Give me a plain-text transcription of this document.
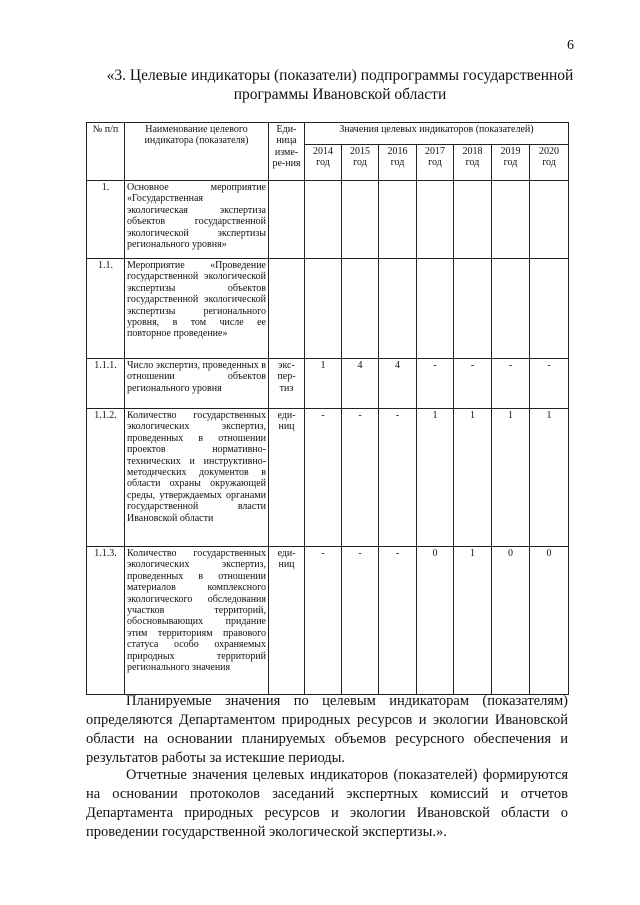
6
«3. Целевые индикаторы (показатели) подпрограммы государственной
программы Ивановской области
№ п/п	Наименование целевого индикатора (показателя)	Еди-ница изме-ре-ния	Значения целевых индикаторов (показателей)						
			2014 год	2015 год	2016 год	2017 год	2018 год	2019 год	2020 год
1.	Основное мероприятие «Государственная экологическая экспертиза объектов государственной экологической экспертизы регионального уровня»								
1.1.	Мероприятие «Проведение государственной экологической экспертизы объектов государственной экологической экспертизы регионального уровня, в том числе ее повторное проведение»								
1.1.1.	Число экспертиз, проведенных в отношении объектов регионального уровня	экс-пер-тиз	1	4	4	-	-	-	-
1.1.2.	Количество государственных экологических экспертиз, проведенных в отношении проектов нормативно-технических и инструктивно-методических документов в области охраны окружающей среды, утверждаемых органами государственной власти Ивановской области	еди-ниц	-	-	-	1	1	1	1
1.1.3.	Количество государственных экологических экспертиз, проведенных в отношении материалов комплексного экологического обследования участков территорий, обосновывающих придание этим территориям правового статуса особо охраняемых природных территорий регионального значения	еди-ниц	-	-	-	0	1	0	0
Планируемые значения по целевым индикаторам (показателям) определяются Департаментом природных ресурсов и экологии Ивановской области на основании планируемых объемов ресурсного обеспечения и результатов работы за истекшие периоды.
Отчетные значения целевых индикаторов (показателей) формируются на основании протоколов заседаний экспертных комиссий и отчетов Департамента природных ресурсов и экологии Ивановской области о проведении государственной экологической экспертизы.».
